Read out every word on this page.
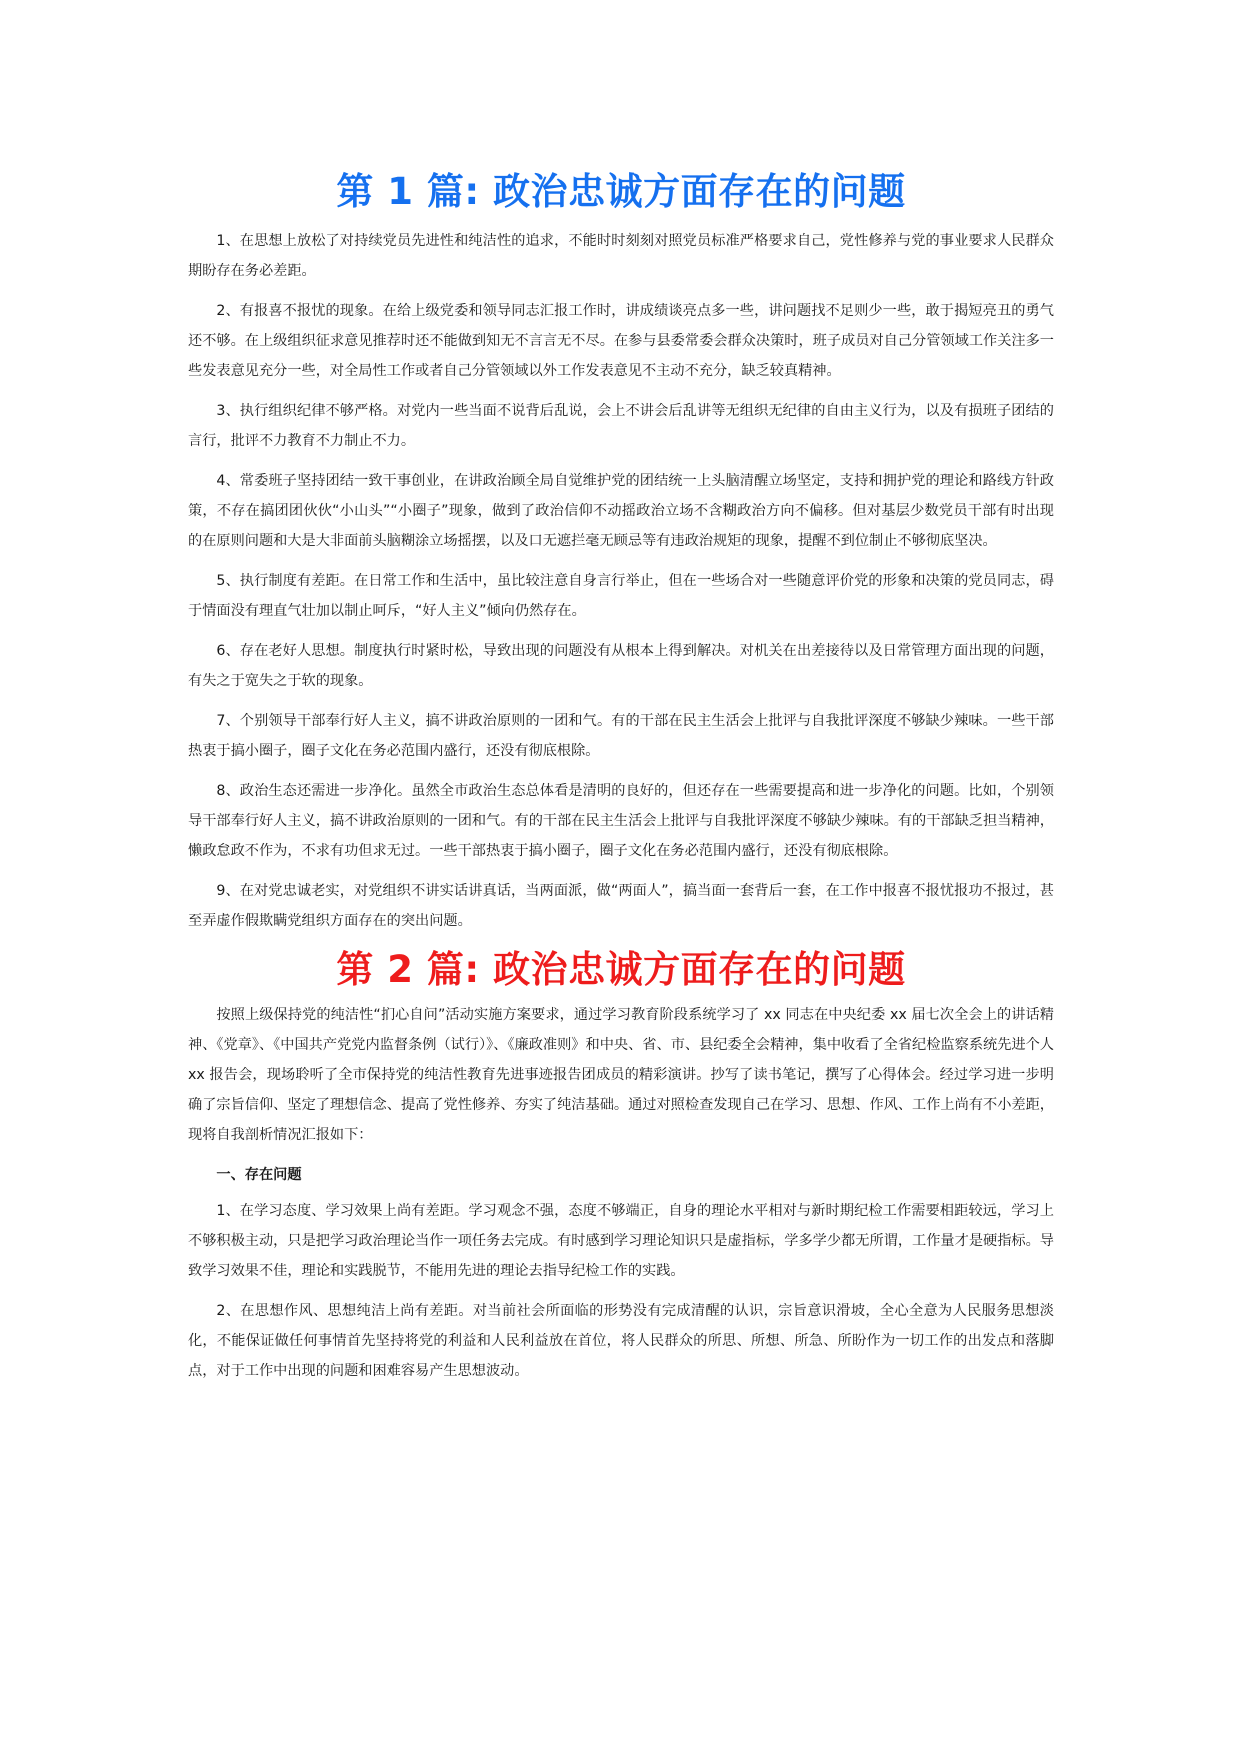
第 1 篇: 政治忠诚方面存在的问题

1、在思想上放松了对持续党员先进性和纯洁性的追求，不能时时刻刻对照党员标准严格要求自己，党性修养与党的事业要求人民群众期盼存在务必差距。

2、有报喜不报忧的现象。在给上级党委和领导同志汇报工作时，讲成绩谈亮点多一些，讲问题找不足则少一些，敢于揭短亮丑的勇气还不够。在上级组织征求意见推荐时还不能做到知无不言言无不尽。在参与县委常委会群众决策时，班子成员对自己分管领域工作关注多一些发表意见充分一些，对全局性工作或者自己分管领域以外工作发表意见不主动不充分，缺乏较真精神。

3、执行组织纪律不够严格。对党内一些当面不说背后乱说，会上不讲会后乱讲等无组织无纪律的自由主义行为，以及有损班子团结的言行，批评不力教育不力制止不力。

4、常委班子坚持团结一致干事创业，在讲政治顾全局自觉维护党的团结统一上头脑清醒立场坚定，支持和拥护党的理论和路线方针政策，不存在搞团团伙伙“小山头”“小圈子”现象，做到了政治信仰不动摇政治立场不含糊政治方向不偏移。但对基层少数党员干部有时出现的在原则问题和大是大非面前头脑糊涂立场摇摆，以及口无遮拦毫无顾忌等有违政治规矩的现象，提醒不到位制止不够彻底坚决。

5、执行制度有差距。在日常工作和生活中，虽比较注意自身言行举止，但在一些场合对一些随意评价党的形象和决策的党员同志，碍于情面没有理直气壮加以制止呵斥，“好人主义”倾向仍然存在。

6、存在老好人思想。制度执行时紧时松，导致出现的问题没有从根本上得到解决。对机关在出差接待以及日常管理方面出现的问题，有失之于宽失之于软的现象。

7、个别领导干部奉行好人主义，搞不讲政治原则的一团和气。有的干部在民主生活会上批评与自我批评深度不够缺少辣味。一些干部热衷于搞小圈子，圈子文化在务必范围内盛行，还没有彻底根除。

8、政治生态还需进一步净化。虽然全市政治生态总体看是清明的良好的，但还存在一些需要提高和进一步净化的问题。比如，个别领导干部奉行好人主义，搞不讲政治原则的一团和气。有的干部在民主生活会上批评与自我批评深度不够缺少辣味。有的干部缺乏担当精神，懒政怠政不作为，不求有功但求无过。一些干部热衷于搞小圈子，圈子文化在务必范围内盛行，还没有彻底根除。

9、在对党忠诚老实，对党组织不讲实话讲真话，当两面派，做“两面人”，搞当面一套背后一套，在工作中报喜不报忧报功不报过，甚至弄虚作假欺瞒党组织方面存在的突出问题。

第 2 篇: 政治忠诚方面存在的问题

按照上级保持党的纯洁性“扪心自问”活动实施方案要求，通过学习教育阶段系统学习了 xx 同志在中央纪委 xx 届七次全会上的讲话精神、《党章》、《中国共产党党内监督条例（试行）》、《廉政准则》和中央、省、市、县纪委全会精神，集中收看了全省纪检监察系统先进个人 xx 报告会，现场聆听了全市保持党的纯洁性教育先进事迹报告团成员的精彩演讲。抄写了读书笔记，撰写了心得体会。经过学习进一步明确了宗旨信仰、坚定了理想信念、提高了党性修养、夯实了纯洁基础。通过对照检查发现自己在学习、思想、作风、工作上尚有不小差距，现将自我剖析情况汇报如下：

一、存在问题

1、在学习态度、学习效果上尚有差距。学习观念不强，态度不够端正，自身的理论水平相对与新时期纪检工作需要相距较远，学习上不够积极主动，只是把学习政治理论当作一项任务去完成。有时感到学习理论知识只是虚指标，学多学少都无所谓，工作量才是硬指标。导致学习效果不佳，理论和实践脱节，不能用先进的理论去指导纪检工作的实践。

2、在思想作风、思想纯洁上尚有差距。对当前社会所面临的形势没有完成清醒的认识，宗旨意识滑坡，全心全意为人民服务思想淡化，不能保证做任何事情首先坚持将党的利益和人民利益放在首位，将人民群众的所思、所想、所急、所盼作为一切工作的出发点和落脚点，对于工作中出现的问题和困难容易产生思想波动。
